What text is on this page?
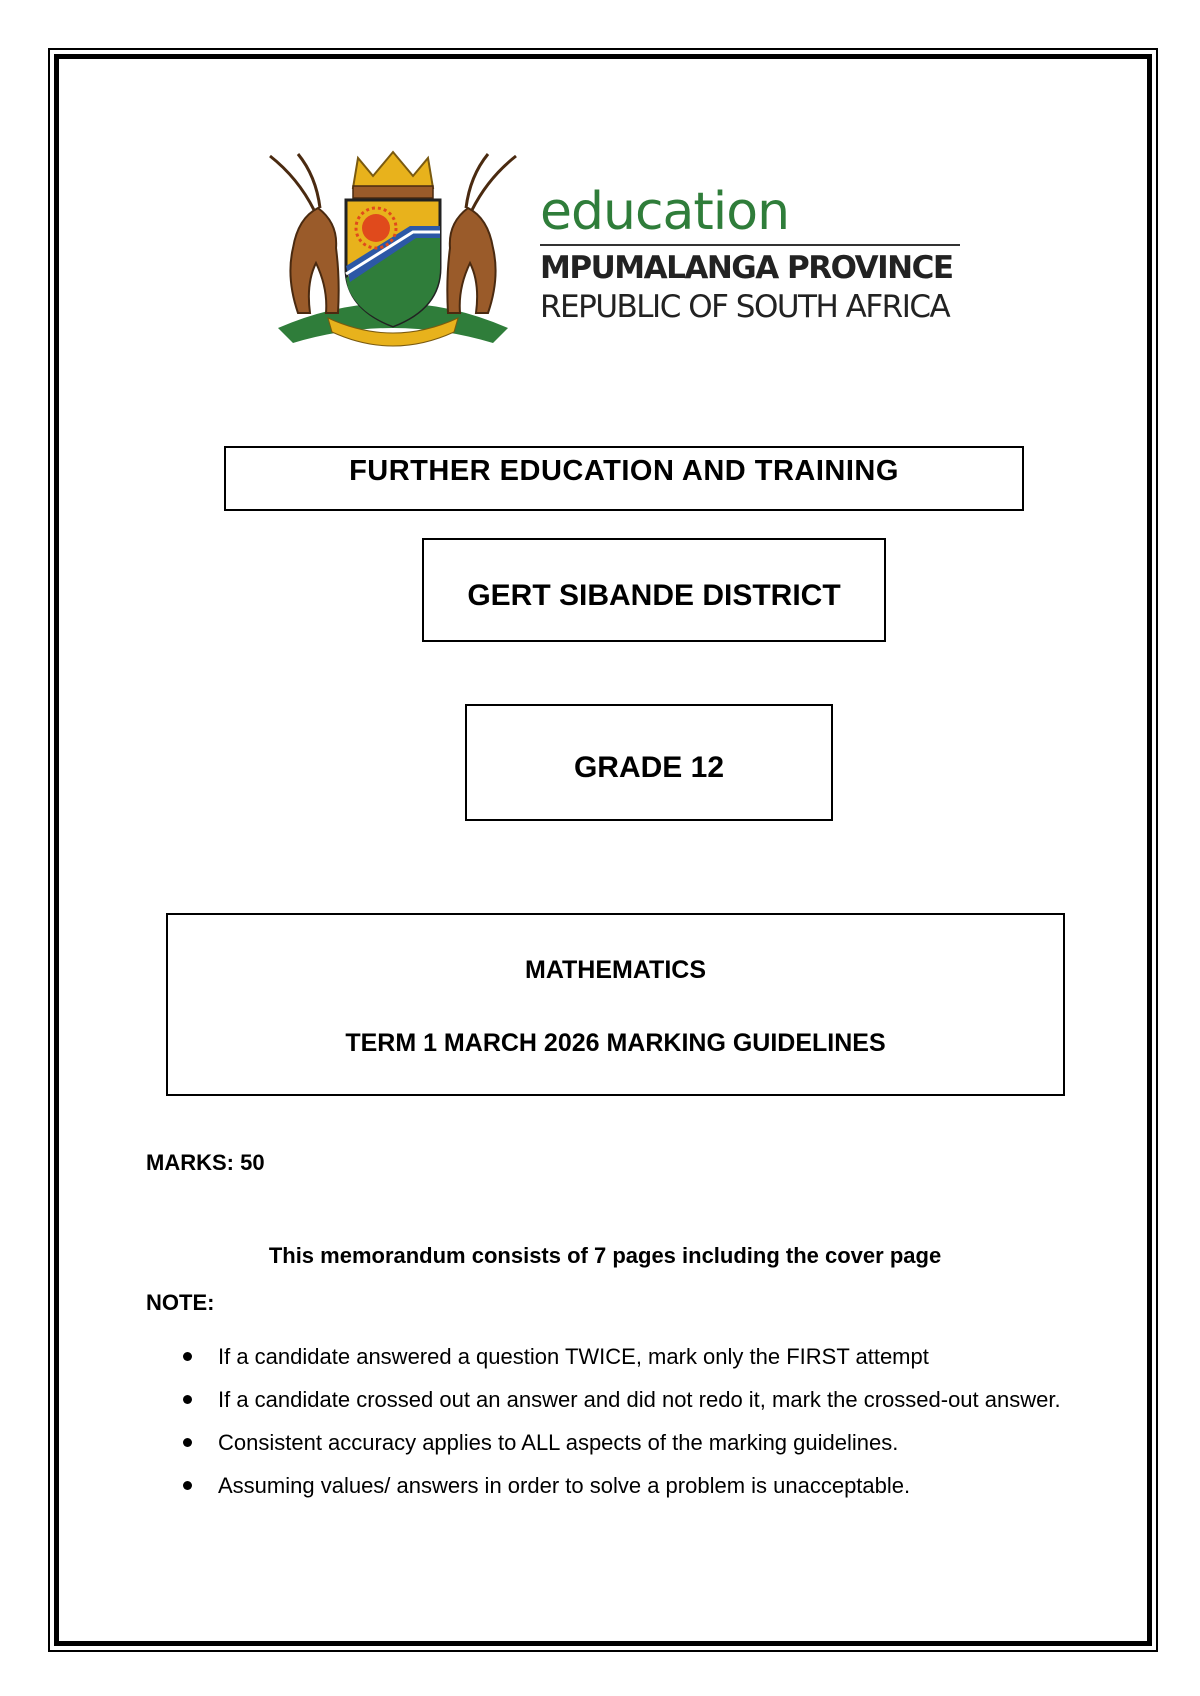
education
MPUMALANGA PROVINCE
REPUBLIC OF SOUTH AFRICA
FURTHER EDUCATION AND TRAINING
GERT SIBANDE DISTRICT
GRADE 12
MATHEMATICS
TERM 1 MARCH 2026 MARKING GUIDELINES
MARKS: 50
This memorandum consists of 7 pages including the cover page
NOTE:
If a candidate answered a question TWICE, mark only the FIRST attempt
If a candidate crossed out an answer and did not redo it, mark the crossed-out answer.
Consistent accuracy applies to ALL aspects of the marking guidelines.
Assuming values/ answers in order to solve a problem is unacceptable.
